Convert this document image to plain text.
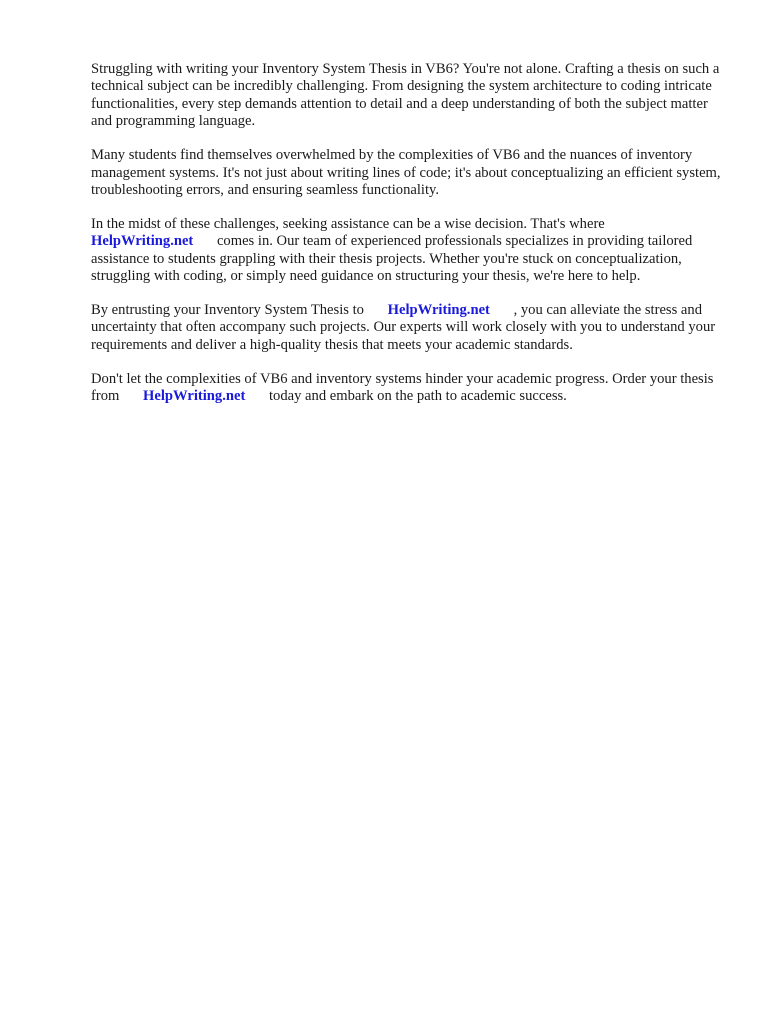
Struggling with writing your Inventory System Thesis in VB6? You're not alone. Crafting a thesis on such a technical subject can be incredibly challenging. From designing the system architecture to coding intricate functionalities, every step demands attention to detail and a deep understanding of both the subject matter and programming language.

Many students find themselves overwhelmed by the complexities of VB6 and the nuances of inventory management systems. It's not just about writing lines of code; it's about conceptualizing an efficient system, troubleshooting errors, and ensuring seamless functionality.

In the midst of these challenges, seeking assistance can be a wise decision. That's where
HelpWriting.net comes in. Our team of experienced professionals specializes in providing tailored assistance to students grappling with their thesis projects. Whether you're stuck on conceptualization, struggling with coding, or simply need guidance on structuring your thesis, we're here to help.

By entrusting your Inventory System Thesis to HelpWriting.net , you can alleviate the stress and uncertainty that often accompany such projects. Our experts will work closely with you to understand your requirements and deliver a high-quality thesis that meets your academic standards.

Don't let the complexities of VB6 and inventory systems hinder your academic progress. Order your thesis from HelpWriting.net today and embark on the path to academic success.
